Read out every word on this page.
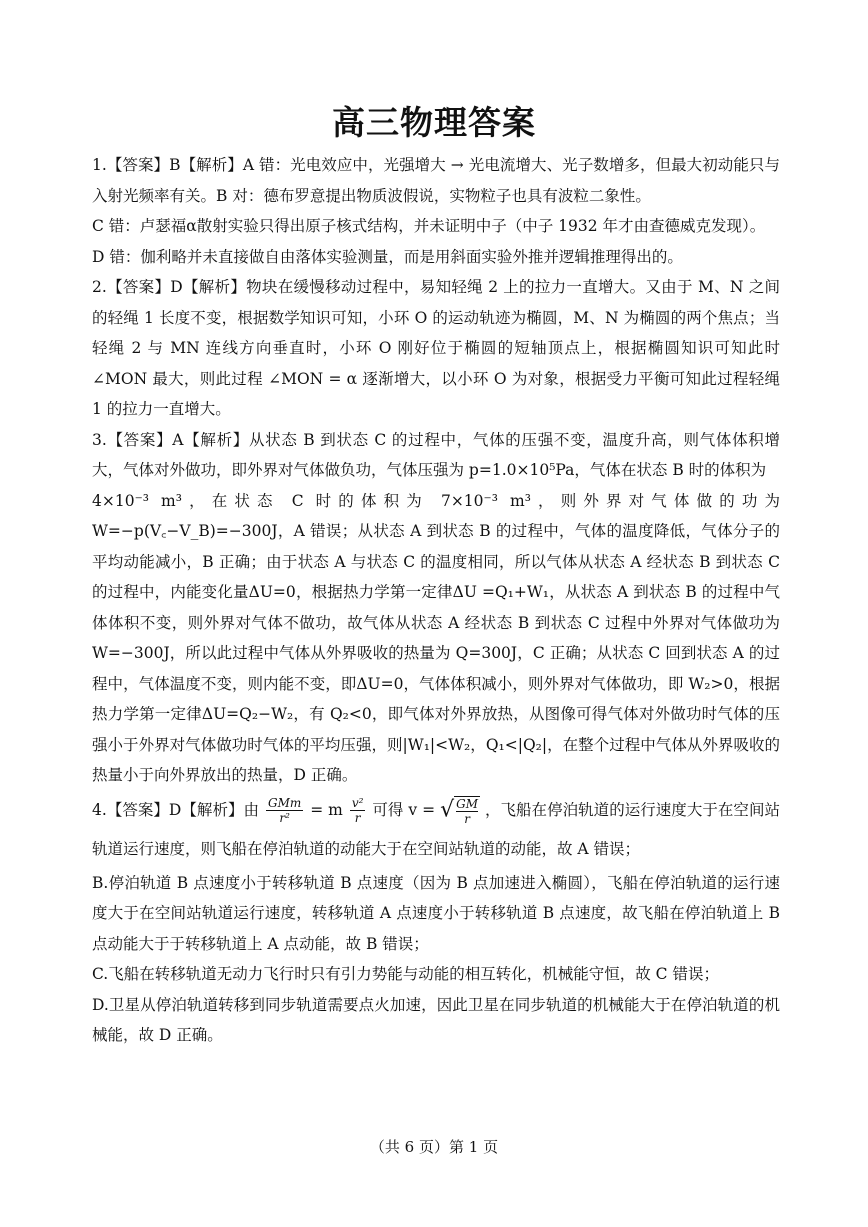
高三物理答案

1.【答案】B【解析】A 错：光电效应中，光强增大 → 光电流增大、光子数增多，但最大初动能只与入射光频率有关。B 对：德布罗意提出物质波假说，实物粒子也具有波粒二象性。

C 错：卢瑟福α散射实验只得出原子核式结构，并未证明中子（中子 1932 年才由查德威克发现）。

D 错：伽利略并未直接做自由落体实验测量，而是用斜面实验外推并逻辑推理得出的。

2.【答案】D【解析】物块在缓慢移动过程中，易知轻绳 2 上的拉力一直增大。又由于 M、N 之间的轻绳 1 长度不变，根据数学知识可知，小环 O 的运动轨迹为椭圆，M、N 为椭圆的两个焦点；当轻绳 2 与 MN 连线方向垂直时，小环 O 刚好位于椭圆的短轴顶点上，根据椭圆知识可知此时 ∠MON 最大，则此过程 ∠MON = α 逐渐增大，以小环 O 为对象，根据受力平衡可知此过程轻绳 1 的拉力一直增大。

3.【答案】A【解析】从状态 B 到状态 C 的过程中，气体的压强不变，温度升高，则气体体积增大，气体对外做功，即外界对气体做负功，气体压强为 p=1.0×10⁵Pa，气体在状态 B 时的体积为

4×10⁻³ m³，在状态 C 时的体积为 7×10⁻³ m³，则外界对气体做的功为 W=−p(V꜀−V_B)=−300J，A 错误；从状态 A 到状态 B 的过程中，气体的温度降低，气体分子的平均动能减小，B 正确；由于状态 A 与状态 C 的温度相同，所以气体从状态 A 经状态 B 到状态 C 的过程中，内能变化量ΔU=0，根据热力学第一定律ΔU =Q₁+W₁，从状态 A 到状态 B 的过程中气体体积不变，则外界对气体不做功，故气体从状态 A 经状态 B 到状态 C 过程中外界对气体做功为 W=−300J，所以此过程中气体从外界吸收的热量为 Q=300J，C 正确；从状态 C 回到状态 A 的过程中，气体温度不变，则内能不变，即ΔU=0，气体体积减小，则外界对气体做功，即 W₂>0，根据热力学第一定律ΔU=Q₂−W₂，有 Q₂<0，即气体对外界放热，从图像可得气体对外做功时气体的压强小于外界对气体做功时气体的平均压强，则|W₁|<W₂，Q₁<|Q₂|，在整个过程中气体从外界吸收的热量小于向外界放出的热量，D 正确。

4.【答案】D【解析】由 $\frac{\text{GMm}}{\text{r²}} = m \frac{\text{v²}}{r}$ 可得 v = √ $\frac{GM}{r}$ ，飞船在停泊轨道的运行速度大于在空间站轨道运行速度，则飞船在停泊轨道的动能大于在空间站轨道的动能，故 A 错误；

B.停泊轨道 B 点速度小于转移轨道 B 点速度（因为 B 点加速进入椭圆），飞船在停泊轨道的运行速度大于在空间站轨道运行速度，转移轨道 A 点速度小于转移轨道 B 点速度，故飞船在停泊轨道上 B 点动能大于于转移轨道上 A 点动能，故 B 错误；

C.飞船在转移轨道无动力飞行时只有引力势能与动能的相互转化，机械能守恒，故 C 错误；

D.卫星从停泊轨道转移到同步轨道需要点火加速，因此卫星在同步轨道的机械能大于在停泊轨道的机械能，故 D 正确。

（共 6 页）第 1 页
